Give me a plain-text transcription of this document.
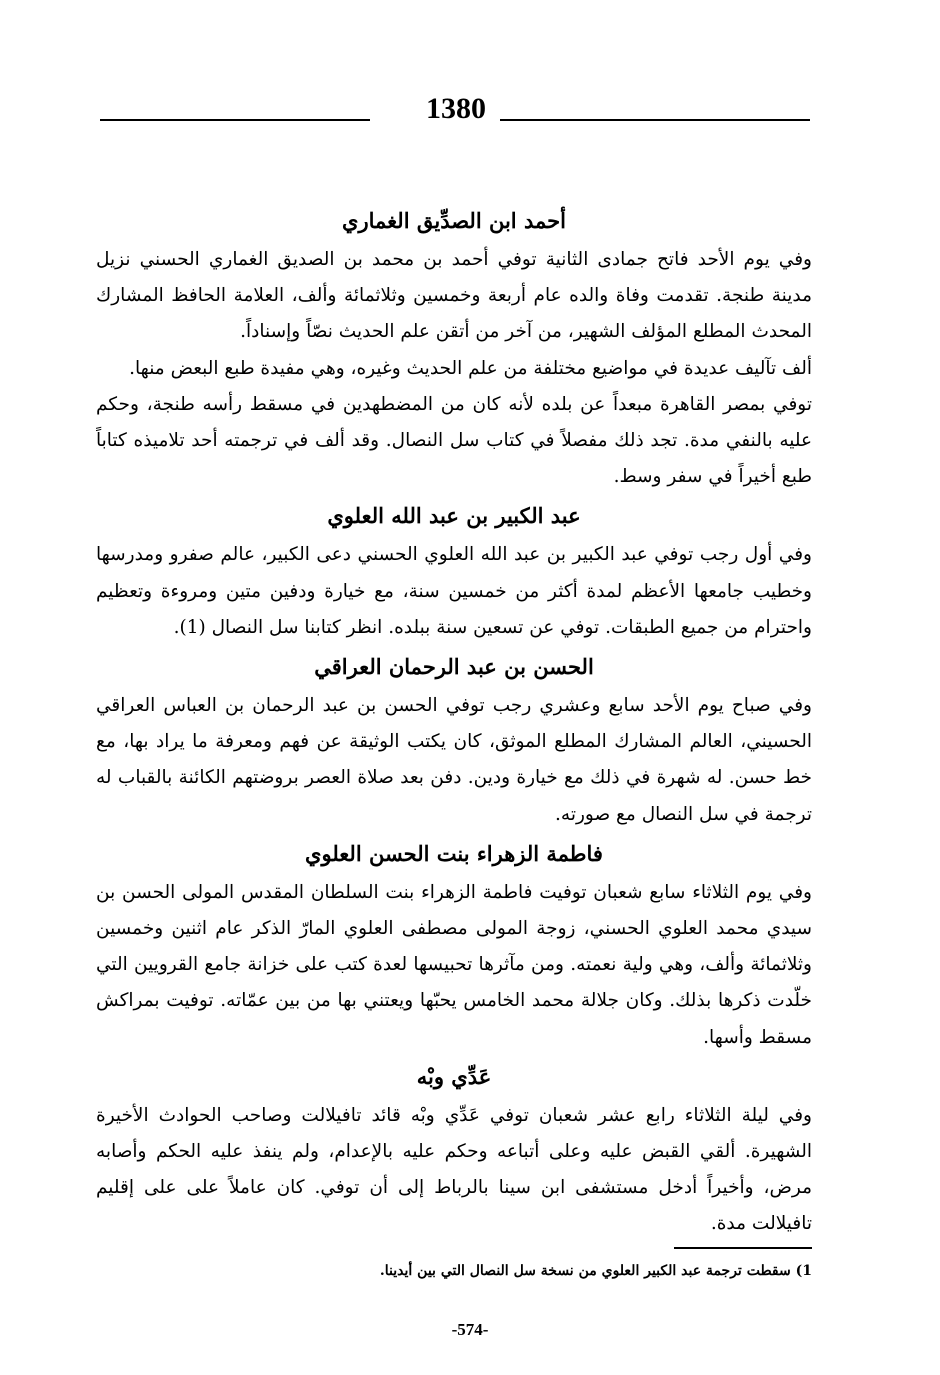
1380
أحمد ابن الصدِّيق الغماري

وفي يوم الأحد فاتح جمادى الثانية توفي أحمد بن محمد بن الصديق الغماري الحسني نزيل مدينة طنجة. تقدمت وفاة والده عام أربعة وخمسين وثلاثمائة وألف، العلامة الحافظ المشارك المحدث المطلع المؤلف الشهير، من آخر من أتقن علم الحديث نصّاً وإسناداً.

ألف تآليف عديدة في مواضيع مختلفة من علم الحديث وغيره، وهي مفيدة طبع البعض منها.

توفي بمصر القاهرة مبعداً عن بلده لأنه كان من المضطهدين في مسقط رأسه طنجة، وحكم عليه بالنفي مدة. تجد ذلك مفصلاً في كتاب سل النصال. وقد ألف في ترجمته أحد تلاميذه كتاباً طبع أخيراً في سفر وسط.

عبد الكبير بن عبد الله العلوي

وفي أول رجب توفي عبد الكبير بن عبد الله العلوي الحسني دعى الكبير، عالم صفرو ومدرسها وخطيب جامعها الأعظم لمدة أكثر من خمسين سنة، مع خيارة ودفين متين ومروءة وتعظيم واحترام من جميع الطبقات. توفي عن تسعين سنة ببلده. انظر كتابنا سل النصال (1).

الحسن بن عبد الرحمان العراقي

وفي صباح يوم الأحد سابع وعشري رجب توفي الحسن بن عبد الرحمان بن العباس العراقي الحسيني، العالم المشارك المطلع الموثق، كان يكتب الوثيقة عن فهم ومعرفة ما يراد بها، مع خط حسن. له شهرة في ذلك مع خيارة ودين. دفن بعد صلاة العصر بروضتهم الكائنة بالقباب له ترجمة في سل النصال مع صورته.

فاطمة الزهراء بنت الحسن العلوي

وفي يوم الثلاثاء سابع شعبان توفيت فاطمة الزهراء بنت السلطان المقدس المولى الحسن بن سيدي محمد العلوي الحسني، زوجة المولى مصطفى العلوي المارّ الذكر عام اثنين وخمسين وثلاثمائة وألف، وهي ولية نعمته. ومن مآثرها تحبيسها لعدة كتب على خزانة جامع القرويين التي خلّدت ذكرها بذلك. وكان جلالة محمد الخامس يحبّها ويعتني بها من بين عمّاته. توفيت بمراكش مسقط وأسها.

عَدِّي وبْه

وفي ليلة الثلاثاء رابع عشر شعبان توفي عَدِّي وبْه قائد تافيلالت وصاحب الحوادث الأخيرة الشهيرة. ألقي القبض عليه وعلى أتباعه وحكم عليه بالإعدام، ولم ينفذ عليه الحكم وأصابه مرض، وأخيراً أدخل مستشفى ابن سينا بالرباط إلى أن توفي. كان عاملاً على على إقليم تافيلالت مدة.

1) سقطت ترجمة عبد الكبير العلوي من نسخة سل النصال التي بين أيدينا.
-574-
